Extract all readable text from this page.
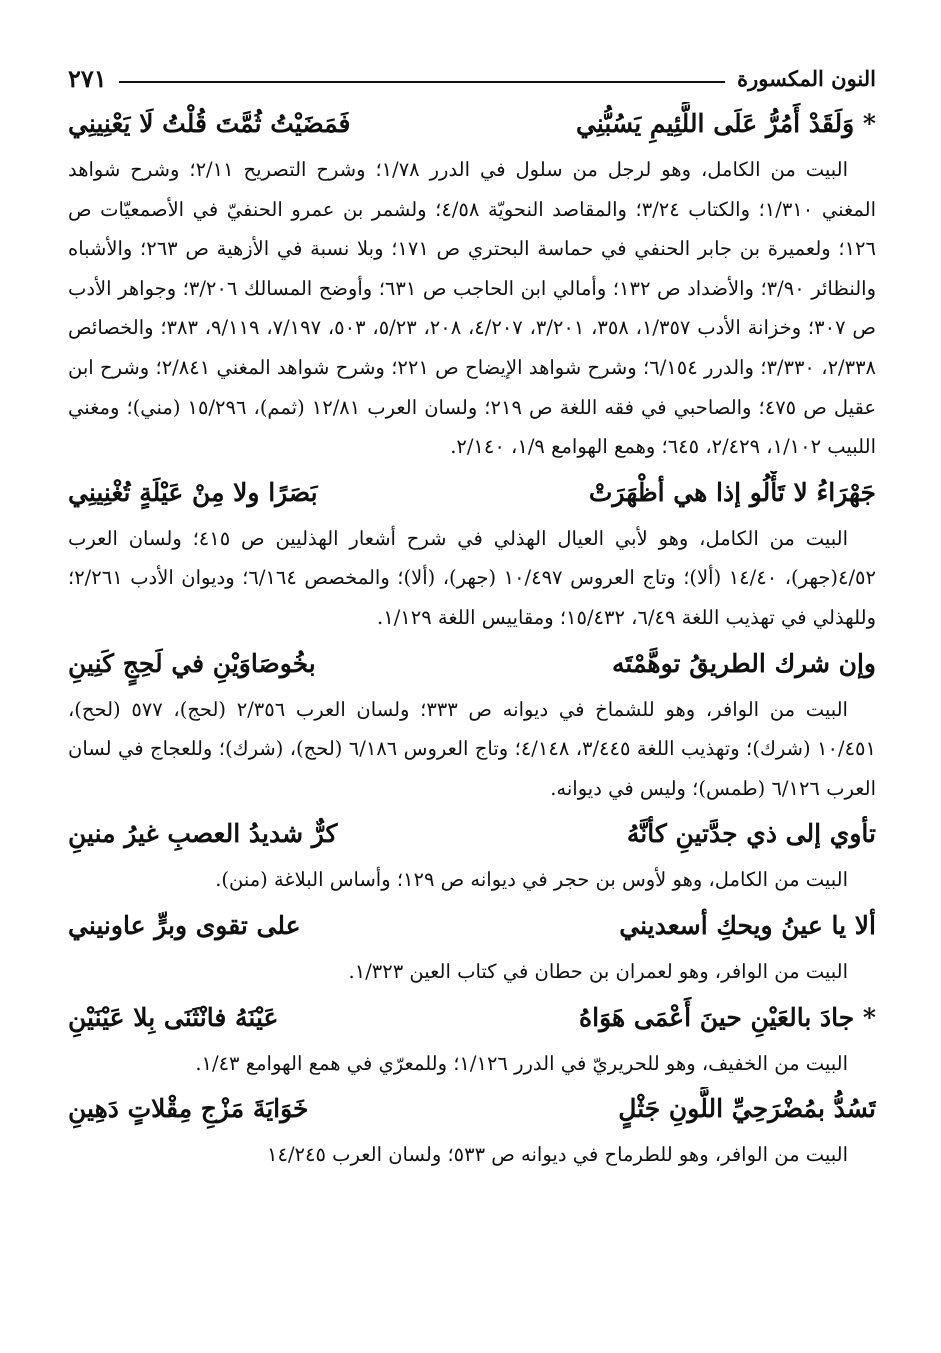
النون المكسورة
٢٧١
* وَلَقَدْ أَمُرُّ عَلَى اللَّئِيمِ يَسُبُّنِي
فَمَضَيْتُ ثُمَّتَ قُلْتُ لَا يَعْنِينِي

البيت من الكامل، وهو لرجل من سلول في الدرر ١/٧٨؛ وشرح التصريح ٢/١١؛ وشرح شواهد المغني ١/٣١٠؛ والكتاب ٣/٢٤؛ والمقاصد النحويّة ٤/٥٨؛ ولشمر بن عمرو الحنفيّ في الأصمعيّات ص ١٢٦؛ ولعميرة بن جابر الحنفي في حماسة البحتري ص ١٧١؛ وبلا نسبة في الأزهية ص ٢٦٣؛ والأشباه والنظائر ٣/٩٠؛ والأضداد ص ١٣٢؛ وأمالي ابن الحاجب ص ٦٣١؛ وأوضح المسالك ٣/٢٠٦؛ وجواهر الأدب ص ٣٠٧؛ وخزانة الأدب ١/٣٥٧، ٣٥٨، ٣/٢٠١، ٤/٢٠٧، ٢٠٨، ٥/٢٣، ٥٠٣، ٧/١٩٧، ٩/١١٩، ٣٨٣؛ والخصائص ٢/٣٣٨، ٣/٣٣٠؛ والدرر ٦/١٥٤؛ وشرح شواهد الإيضاح ص ٢٢١؛ وشرح شواهد المغني ٢/٨٤١؛ وشرح ابن عقيل ص ٤٧٥؛ والصاحبي في فقه اللغة ص ٢١٩؛ ولسان العرب ١٢/٨١ (ثمم)، ١٥/٢٩٦ (مني)؛ ومغني اللبيب ١/١٠٢، ٢/٤٢٩، ٦٤٥؛ وهمع الهوامع ١/٩، ٢/١٤٠.

جَهْرَاءُ لا تَأْلُو إذا هي أظْهَرَتْ
بَصَرًا ولا مِنْ عَيْلَةٍ تُغْنِينِي

البيت من الكامل، وهو لأبي العيال الهذلي في شرح أشعار الهذليين ص ٤١٥؛ ولسان العرب ٤/٥٢(جهر)، ١٤/٤٠ (ألا)؛ وتاج العروس ١٠/٤٩٧ (جهر)، (ألا)؛ والمخصص ٦/١٦٤؛ وديوان الأدب ٢/٢٦١؛ وللهذلي في تهذيب اللغة ٦/٤٩، ١٥/٤٣٢؛ ومقاييس اللغة ١/١٢٩.

وإن شرك الطريقُ توهَّمْتَه
بخُوصَاوَيْنِ في لَحِجٍ كَنِينِ

البيت من الوافر، وهو للشماخ في ديوانه ص ٣٣٣؛ ولسان العرب ٢/٣٥٦ (لحج)، ٥٧٧ (لحح)، ١٠/٤٥١ (شرك)؛ وتهذيب اللغة ٣/٤٤٥، ٤/١٤٨؛ وتاج العروس ٦/١٨٦ (لحج)، (شرك)؛ وللعجاج في لسان العرب ٦/١٢٦ (طمس)؛ وليس في ديوانه.

تأوي إلى ذي جدَّتينِ كأنَّهُ
كرٌّ شديدُ العصبِ غيرُ منينِ

البيت من الكامل، وهو لأوس بن حجر في ديوانه ص ١٢٩؛ وأساس البلاغة (منن).

ألا يا عينُ ويحكِ أسعديني
على تقوى وبرٍّ عاونيني

البيت من الوافر، وهو لعمران بن حطان في كتاب العين ١/٣٢٣.

* جادَ بالعَيْنِ حينَ أَعْمَى هَوَاهُ
عَيْنَهُ فانْثَنَى بِلا عَيْنَيْنِ

البيت من الخفيف، وهو للحريريّ في الدرر ١/١٢٦؛ وللمعرّي في همع الهوامع ١/٤٣.

تَسُدُّ بمُضْرَحِيِّ اللَّونِ جَثْلٍ
خَوَايَةَ مَزْجِ مِقْلاتٍ دَهِينِ

البيت من الوافر، وهو للطرماح في ديوانه ص ٥٣٣؛ ولسان العرب ١٤/٢٤٥
